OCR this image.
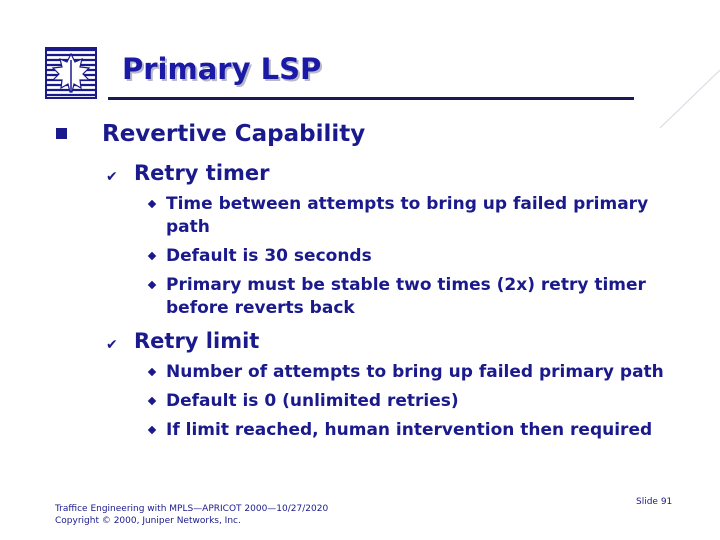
Primary LSP
Revertive Capability
✔ Retry timer
Time between attempts to bring up failed primary path
Default is 30 seconds
Primary must be stable two times (2x) retry timer before reverts back
✔ Retry limit
Number of attempts to bring up failed primary path
Default is 0 (unlimited retries)
If limit reached, human intervention then required
Traffice Engineering with MPLS—APRICOT 2000—10/27/2020
Copyright © 2000, Juniper Networks, Inc.
Slide 91
